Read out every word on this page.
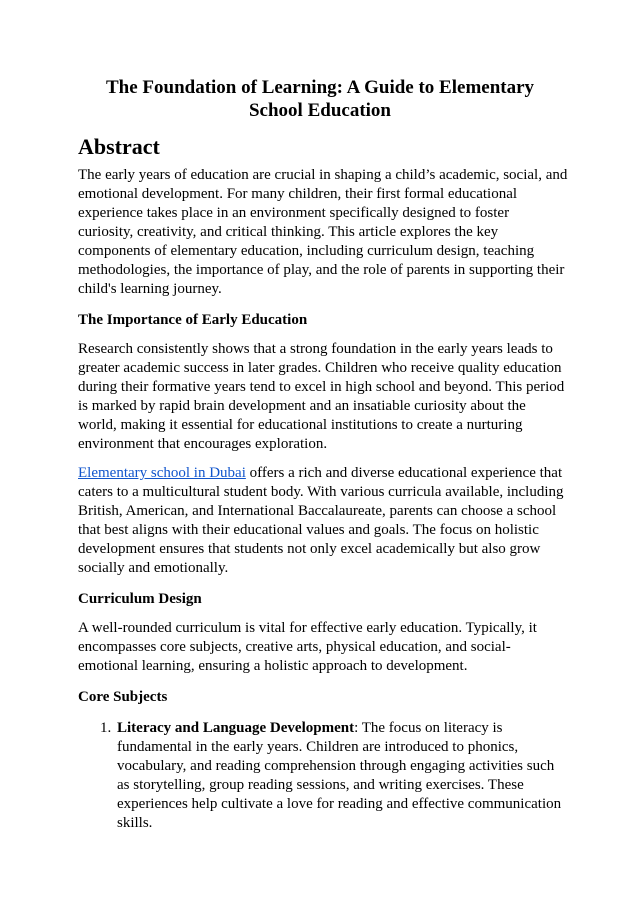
The Foundation of Learning: A Guide to Elementary School Education
Abstract

The early years of education are crucial in shaping a child’s academic, social, and emotional development. For many children, their first formal educational experience takes place in an environment specifically designed to foster curiosity, creativity, and critical thinking. This article explores the key components of elementary education, including curriculum design, teaching methodologies, the importance of play, and the role of parents in supporting their child's learning journey.

The Importance of Early Education

Research consistently shows that a strong foundation in the early years leads to greater academic success in later grades. Children who receive quality education during their formative years tend to excel in high school and beyond. This period is marked by rapid brain development and an insatiable curiosity about the world, making it essential for educational institutions to create a nurturing environment that encourages exploration.

Elementary school in Dubai offers a rich and diverse educational experience that caters to a multicultural student body. With various curricula available, including British, American, and International Baccalaureate, parents can choose a school that best aligns with their educational values and goals. The focus on holistic development ensures that students not only excel academically but also grow socially and emotionally.

Curriculum Design

A well-rounded curriculum is vital for effective early education. Typically, it encompasses core subjects, creative arts, physical education, and social-emotional learning, ensuring a holistic approach to development.

Core Subjects
1. Literacy and Language Development: The focus on literacy is fundamental in the early years. Children are introduced to phonics, vocabulary, and reading comprehension through engaging activities such as storytelling, group reading sessions, and writing exercises. These experiences help cultivate a love for reading and effective communication skills.
